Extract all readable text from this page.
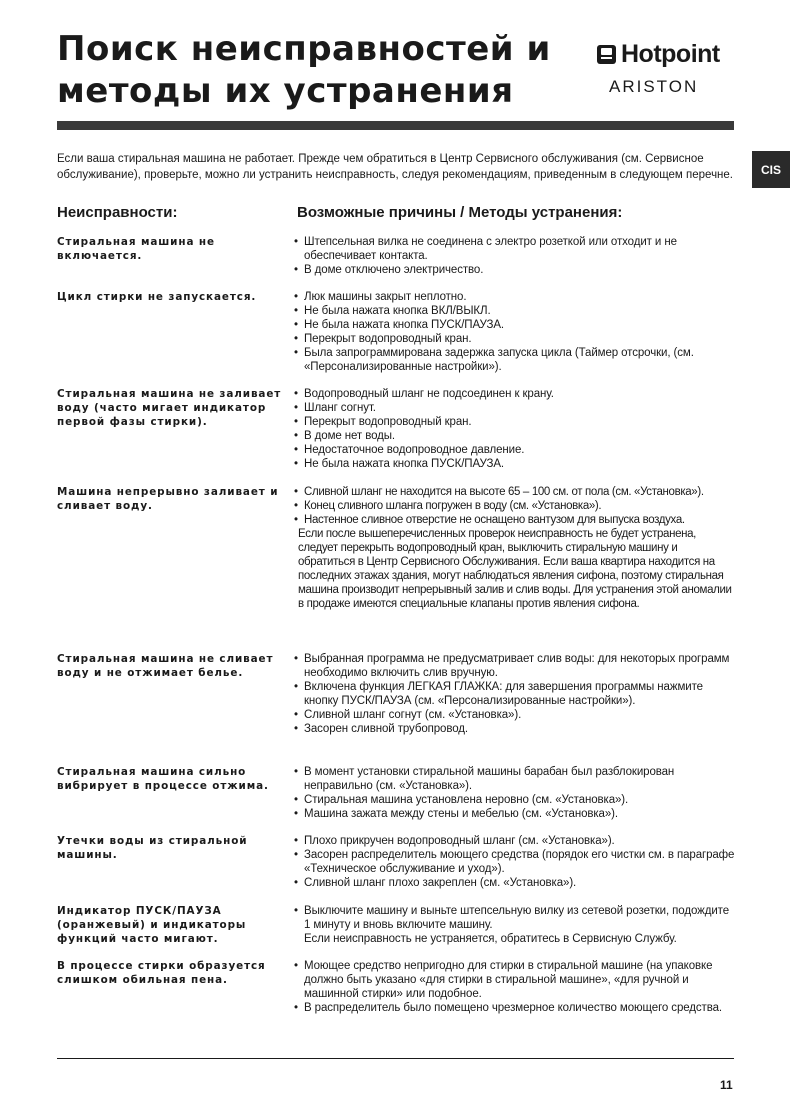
Поиск неисправностей и
методы их устранения
Hotpoint
ARISTON
CIS

Если ваша стиральная машина не работает. Прежде чем обратиться в Центр Сервисного обслуживания (см. Сервисное обслуживание), проверьте, можно ли устранить неисправность, следуя рекомендациям, приведенным в следующем перечне.

Неисправности:	Возможные причины / Методы устранения:

Стиральная машина не включается.

• Штепсельная вилка не соединена с электро розеткой или отходит и не обеспечивает контакта.
• В доме отключено электричество.

Цикл стирки не запускается.

•	Люк машины закрыт неплотно.
• Не была нажата кнопка ВКЛ/ВЫКЛ.
• Не была нажата кнопка ПУСК/ПАУЗА.
• Перекрыт водопроводный кран.
• Была запрограммирована задержка запуска цикла (Таймер отсрочки, (см. «Персонализированные настройки»).

Стиральная машина не заливает воду (часто мигает индикатор первой фазы стирки).

• Водопроводный шланг не подсоединен к крану.
• Шланг согнут.
• Перекрыт водопроводный кран.
• В доме нет воды.
• Недостаточное водопроводное давление.
• Не была нажата кнопка ПУСК/ПАУЗА.

Машина непрерывно заливает и сливает воду.

• Сливной шланг не находится на высоте 65 – 100 см. от пола (см. «Установка»).
• Конец сливного шланга погружен в воду (см. «Установка»).
• Настенное сливное отверстие не оснащено вантузом для выпуска воздуха.
Если после вышеперечисленных проверок неисправность не будет устранена, следует перекрыть водопроводный кран, выключить стиральную машину и обратиться в Центр Сервисного Обслуживания. Если ваша квартира находится на последних этажах здания, могут наблюдаться явления сифона, поэтому стиральная машина производит непрерывный залив и слив воды. Для устранения этой аномалии в продаже имеются специальные клапаны против явления сифона.

Стиральная машина не сливает воду и не отжимает белье.

• Выбранная программа не предусматривает слив воды: для некоторых программ необходимо включить слив вручную.
• Включена функция ЛЕГКАЯ ГЛАЖКА: для завершения программы нажмите кнопку ПУСК/ПАУЗА (см. «Персонализированные настройки»).
• Сливной шланг согнут (см. «Установка»).
• Засорен сливной трубопровод.

Стиральная машина сильно вибрирует в процессе отжима.

• В момент установки стиральной машины барабан был разблокирован неправильно (см. «Установка»).
• Стиральная машина установлена неровно (см. «Установка»).
• Машина зажата между стены и мебелью (см. «Установка»).

Утечки воды из стиральной машины.

• Плохо прикручен водопроводный шланг (см. «Установка»).
• Засорен распределитель моющего средства (порядок его чистки см. в параграфе «Техническое обслуживание и уход»).
• Сливной шланг плохо закреплен (см. «Установка»).

Индикатор ПУСК/ПАУЗА (оранжевый) и индикаторы функций часто мигают.

• Выключите машину и выньте штепсельную вилку из сетевой розетки, подождите 1 минуту и вновь включите машину.
Если неисправность не устраняется, обратитесь в Сервисную Службу.

В процессе стирки образуется слишком обильная пена.

• Моющее средство непригодно для стирки в стиральной машине (на упаковке должно быть указано «для стирки в стиральной машине», «для ручной и машинной стирки» или подобное.
• В распределитель было помещено чрезмерное количество моющего средства.
11
